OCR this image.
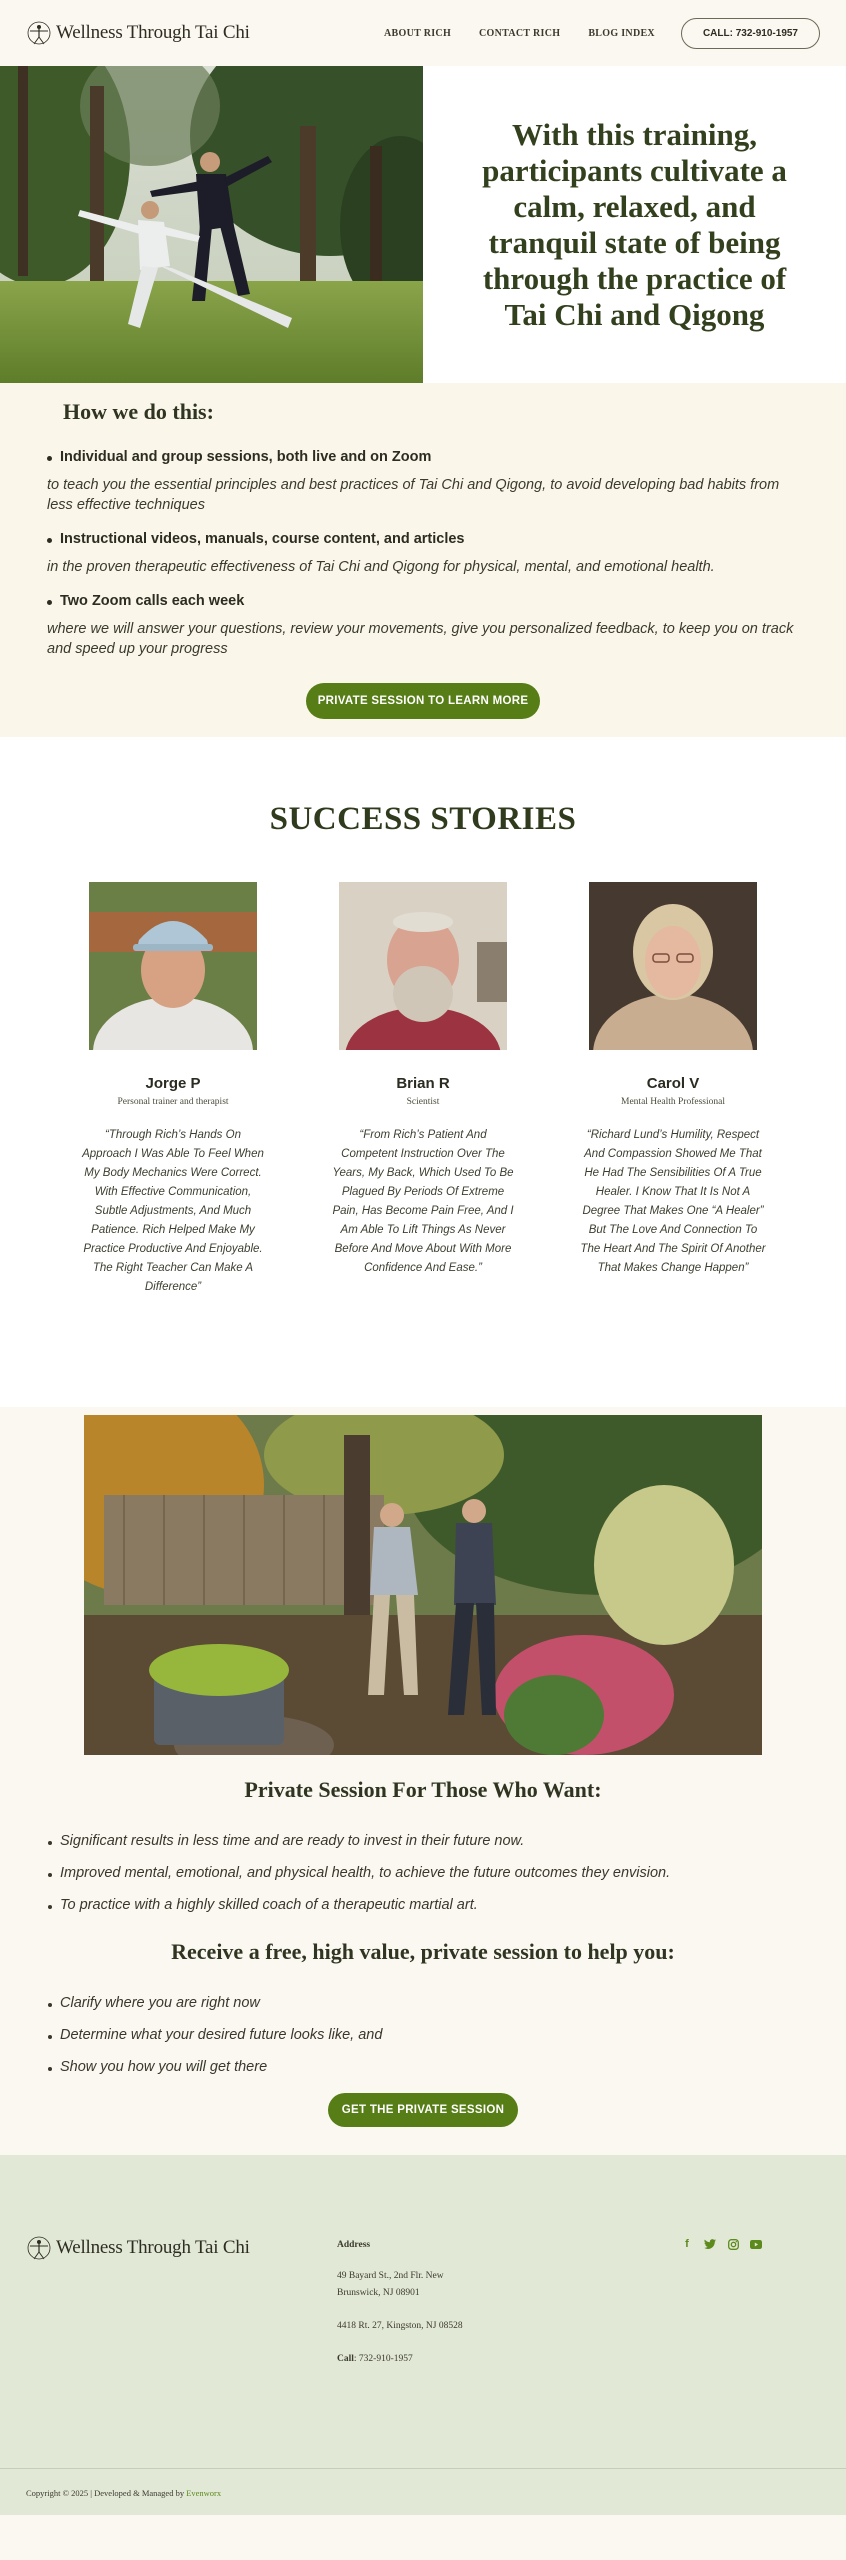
Wellness Through Tai Chi	ABOUT RICH	CONTACT RICH	BLOG INDEX	CALL: 732-910-1957
With this training, participants cultivate a calm, relaxed, and tranquil state of being through the practice of Tai Chi and Qigong
How we do this:
Individual and group sessions, both live and on Zoom

to teach you the essential principles and best practices of Tai Chi and Qigong, to avoid developing bad habits from less effective techniques

Instructional videos, manuals, course content, and articles

in the proven therapeutic effectiveness of Tai Chi and Qigong for physical, mental, and emotional health.

Two Zoom calls each week

where we will answer your questions, review your movements, give you personalized feedback, to keep you on track and speed up your progress

PRIVATE SESSION TO LEARN MORE
SUCCESS STORIES
Jorge P
Personal trainer and therapist

“Through Rich’s Hands On Approach I Was Able To Feel When My Body Mechanics Were Correct. With Effective Communication, Subtle Adjustments, And Much Patience. Rich Helped Make My Practice Productive And Enjoyable. The Right Teacher Can Make A Difference”

Brian R
Scientist

“From Rich’s Patient And Competent Instruction Over The Years, My Back, Which Used To Be Plagued By Periods Of Extreme Pain, Has Become Pain Free, And I Am Able To Lift Things As Never Before And Move About With More Confidence And Ease.”

Carol V
Mental Health Professional

“Richard Lund’s Humility, Respect And Compassion Showed Me That He Had The Sensibilities Of A True Healer. I Know That It Is Not A Degree That Makes One “A Healer” But The Love And Connection To The Heart And The Spirit Of Another That Makes Change Happen”

Private Session For Those Who Want:
Significant results in less time and are ready to invest in their future now.
Improved mental, emotional, and physical health, to achieve the future outcomes they envision.
To practice with a highly skilled coach of a therapeutic martial art.
Receive a free, high value, private session to help you:
Clarify where you are right now
Determine what your desired future looks like, and
Show you how you will get there
GET THE PRIVATE SESSION
Wellness Through Tai Chi	Address

49 Bayard St., 2nd Flr. New
Brunswick, NJ 08901

4418 Rt. 27, Kingston, NJ 08528

Call: 732-910-1957

f
Copyright © 2025 | Developed & Managed by Evenworx
